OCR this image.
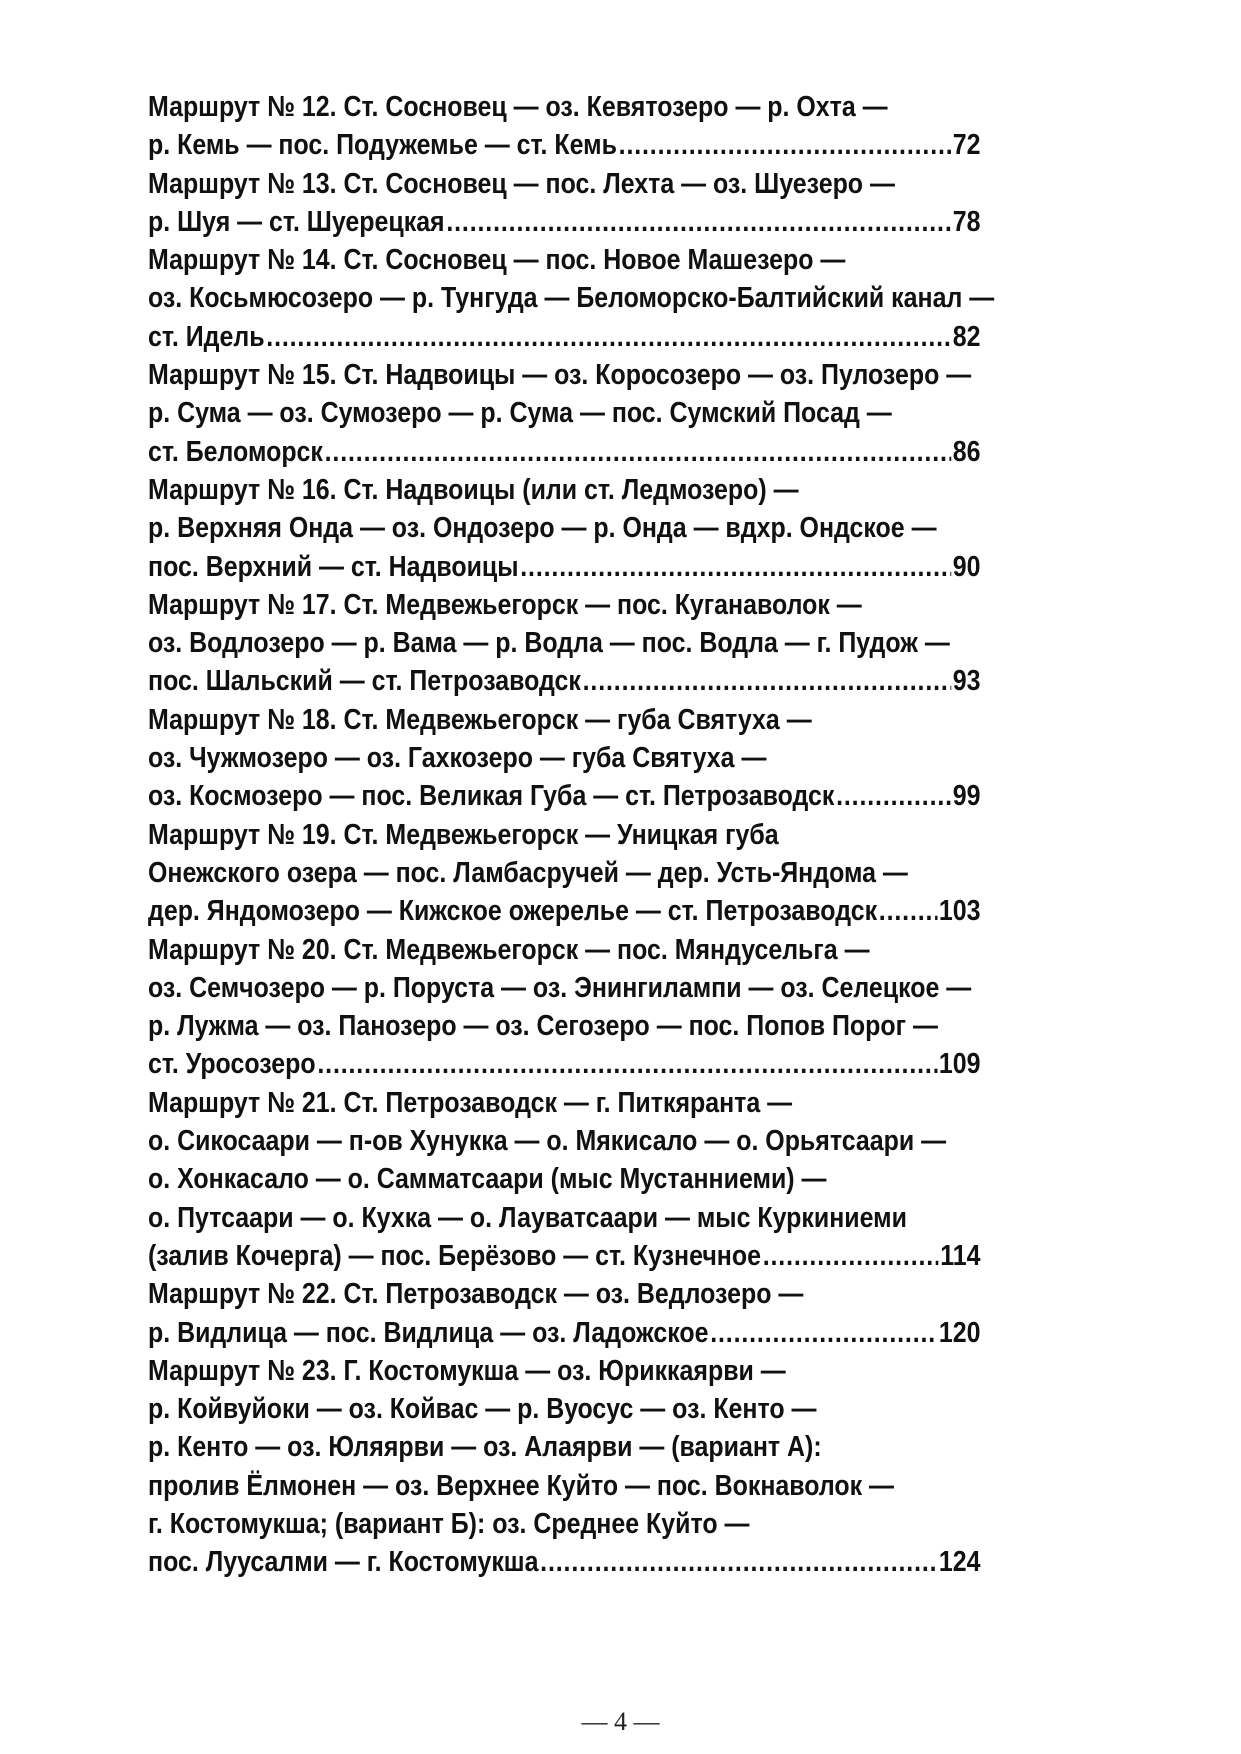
Маршрут № 12. Ст. Сосновец — оз. Кевятозеро — р. Охта —
р. Кемь — пос. Подужемье — ст. Кемь .....	72
Маршрут № 13. Ст. Сосновец — пос. Лехта — оз. Шуезеро —
р. Шуя — ст. Шуерецкая .....	78
Маршрут № 14. Ст. Сосновец — пос. Новое Машезеро —
оз. Косьмюсозеро — р. Тунгуда — Беломорско-Балтийский канал —
ст. Идель .....	82
Маршрут № 15. Ст. Надвоицы — оз. Коросозеро — оз. Пулозеро —
р. Сума — оз. Сумозеро — р. Сума — пос. Сумский Посад —
ст. Беломорск .....	86
Маршрут № 16. Ст. Надвоицы (или ст. Ледмозеро) —
р. Верхняя Онда — оз. Ондозеро — р. Онда — вдхр. Ондское —
пос. Верхний — ст. Надвоицы .....	90
Маршрут № 17. Ст. Медвежьегорск — пос. Куганаволок —
оз. Водлозеро — р. Вама — р. Водла — пос. Водла — г. Пудож —
пос. Шальский — ст. Петрозаводск .....	93
Маршрут № 18. Ст. Медвежьегорск — губа Святуха —
оз. Чужмозеро — оз. Гахкозеро — губа Святуха —
оз. Космозеро — пос. Великая Губа — ст. Петрозаводск .....	99
Маршрут № 19. Ст. Медвежьегорск — Уницкая губа
Онежского озера — пос. Ламбасручей — дер. Усть-Яндома —
дер. Яндомозеро — Кижское ожерелье — ст. Петрозаводск ..... 103
Маршрут № 20. Ст. Медвежьегорск — пос. Мяндусельга —
оз. Семчозеро — р. Поруста — оз. Энингилампи — оз. Селецкое —
р. Лужма — оз. Панозеро — оз. Сегозеро — пос. Попов Порог —
ст. Уросозеро .....	109
Маршрут № 21. Ст. Петрозаводск — г. Питкяранта —
о. Сикосаари — п-ов Хунукка — о. Мякисало — о. Орьятсаари —
о. Хонкасало — о. Самматсаари (мыс Мустанниеми) —
о. Путсаари — о. Кухка — о. Лауватсаари — мыс Куркиниеми
(залив Кочерга) — пос. Берёзово — ст. Кузнечное .....	114
Маршрут № 22. Ст. Петрозаводск — оз. Ведлозеро —
р. Видлица — пос. Видлица — оз. Ладожское .....	120
Маршрут № 23. Г. Костомукша — оз. Юриккаярви —
р. Койвуйоки — оз. Койвас — р. Вуосус — оз. Кенто —
р. Кенто — оз. Юляярви — оз. Алаярви — (вариант А):
пролив Ёлмонен — оз. Верхнее Куйто — пос. Вокнаволок —
г. Костомукша; (вариант Б): оз. Среднее Куйто —
пос. Луусалми — г. Костомукша .....	124
— 4 —
